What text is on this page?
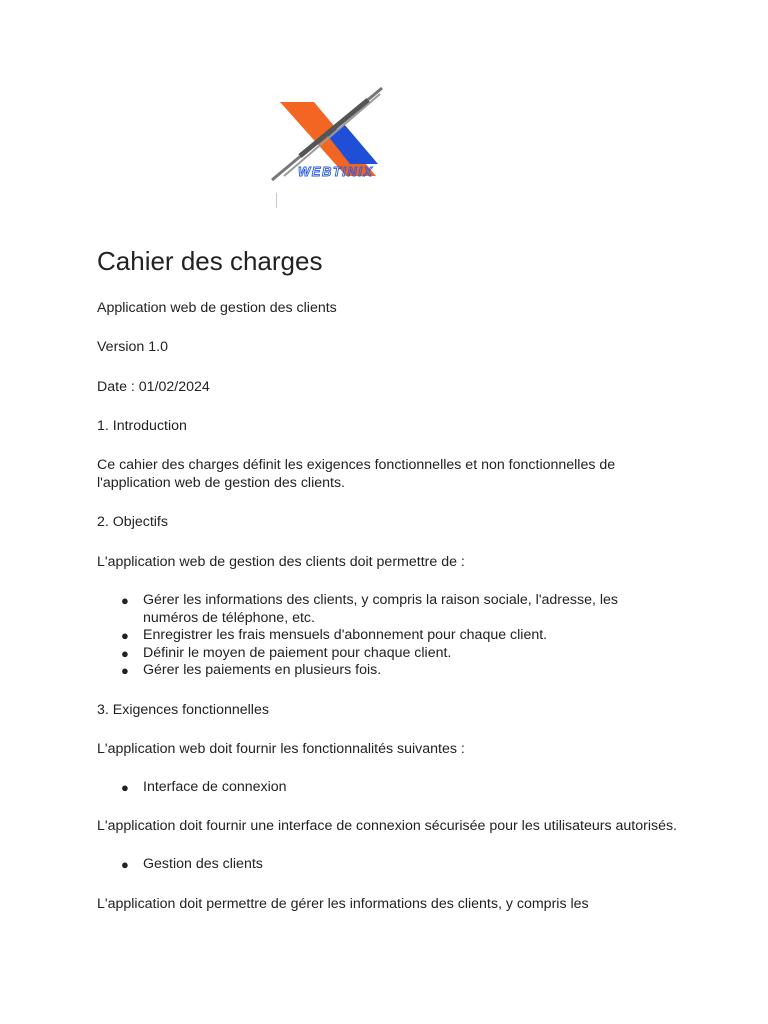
WEBTINIX
Cahier des charges

Application web de gestion des clients

Version 1.0

Date : 01/02/2024

1. Introduction

Ce cahier des charges définit les exigences fonctionnelles et non fonctionnelles de l'application web de gestion des clients.

2. Objectifs

L'application web de gestion des clients doit permettre de :

● Gérer les informations des clients, y compris la raison sociale, l'adresse, les numéros de téléphone, etc.
● Enregistrer les frais mensuels d'abonnement pour chaque client.
● Définir le moyen de paiement pour chaque client.
● Gérer les paiements en plusieurs fois.

3. Exigences fonctionnelles

L'application web doit fournir les fonctionnalités suivantes :

● Interface de connexion

L'application doit fournir une interface de connexion sécurisée pour les utilisateurs autorisés.

● Gestion des clients

L'application doit permettre de gérer les informations des clients, y compris les
